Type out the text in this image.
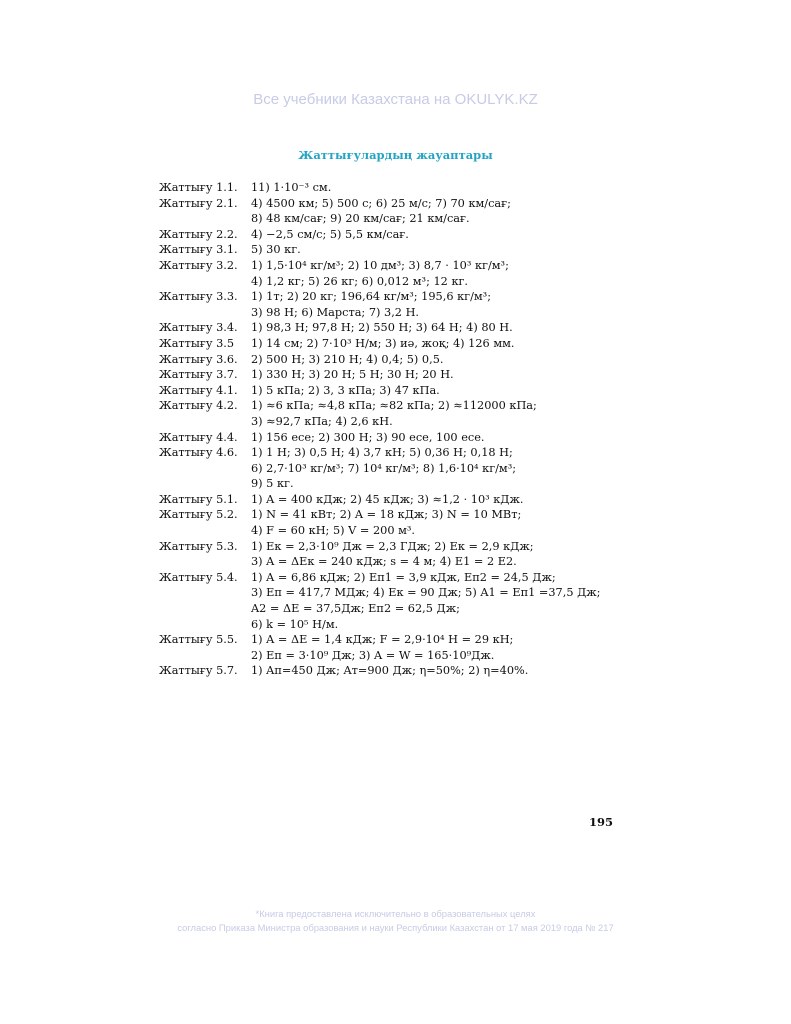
Все учебники Казахстана на OKULYK.KZ
Жаттығулардың жауаптары
Жаттығу 1.1.	11) 1·10⁻³ см.
Жаттығу 2.1.	4) 4500 км; 5) 500 с; 6) 25 м/с; 7) 70 км/сағ;
8) 48 км/сағ; 9) 20 км/сағ; 21 км/сағ.
Жаттығу 2.2.	4) −2,5 см/с; 5) 5,5 км/сағ.
Жаттығу 3.1.	5) 30 кг.
Жаттығу 3.2.	1) 1,5·10⁴ кг/м³; 2) 10 дм³; 3) 8,7 · 10³ кг/м³;
4) 1,2 кг; 5) 26 кг; 6) 0,012 м³; 12 кг.
Жаттығу 3.3.	1) 1т; 2) 20 кг; 196,64 кг/м³; 195,6 кг/м³;
3) 98 Н; 6) Марста; 7) 3,2 Н.
Жаттығу 3.4.	1) 98,3 Н; 97,8 Н; 2) 550 Н; 3) 64 Н; 4) 80 Н.
Жаттығу 3.5	1) 14 см; 2) 7·10³ Н/м; 3) иә, жоқ; 4) 126 мм.
Жаттығу 3.6.	2) 500 Н; 3) 210 Н; 4) 0,4; 5) 0,5.
Жаттығу 3.7.	1) 330 Н; 3) 20 Н; 5 Н; 30 Н; 20 Н.
Жаттығу 4.1.	1) 5 кПа; 2) 3, 3 кПа; 3) 47 кПа.
Жаттығу 4.2.	1) ≈6 кПа; ≈4,8 кПа; ≈82 кПа; 2) ≈112000 кПа;
3) ≈92,7 кПа; 4) 2,6 кН.
Жаттығу 4.4.	1) 156 есе; 2) 300 Н; 3) 90 есе, 100 есе.
Жаттығу 4.6.	1) 1 Н; 3) 0,5 Н; 4) 3,7 кН; 5) 0,36 Н; 0,18 Н;
6) 2,7·10³ кг/м³; 7) 10⁴ кг/м³; 8) 1,6·10⁴ кг/м³;
9) 5 кг.
Жаттығу 5.1.	1) A = 400 кДж; 2) 45 кДж; 3) ≈1,2 · 10³ кДж.
Жаттығу 5.2.	1) N = 41 кВт; 2) A = 18 кДж; 3) N = 10 МВт;
4) F = 60 кН; 5) V = 200 м³.
Жаттығу 5.3.	1) Eк = 2,3·10⁹ Дж = 2,3 ГДж; 2) Eк = 2,9 кДж;
3) A = ΔEк = 240 кДж; s = 4 м; 4) E1 = 2 E2.
Жаттығу 5.4.	1) A = 6,86 кДж; 2) Eп1 = 3,9 кДж, Eп2 = 24,5 Дж;
3) Eп = 417,7 МДж; 4) Eк = 90 Дж; 5) A1 = Eп1 =37,5 Дж;
A2 = ΔE = 37,5Дж; Eп2 = 62,5 Дж;
6) k = 10⁵ Н/м.
Жаттығу 5.5.	1) A = ΔE = 1,4 кДж; F = 2,9·10⁴ Н = 29 кН;
2) Eп = 3·10⁹ Дж; 3) A = W = 165·10⁹Дж.
Жаттығу 5.7.	1) Aп=450 Дж; Aт=900 Дж; η=50%; 2) η=40%.
195
*Книга предоставлена исключительно в образовательных целях
согласно Приказа Министра образования и науки Республики Казахстан от 17 мая 2019 года № 217
